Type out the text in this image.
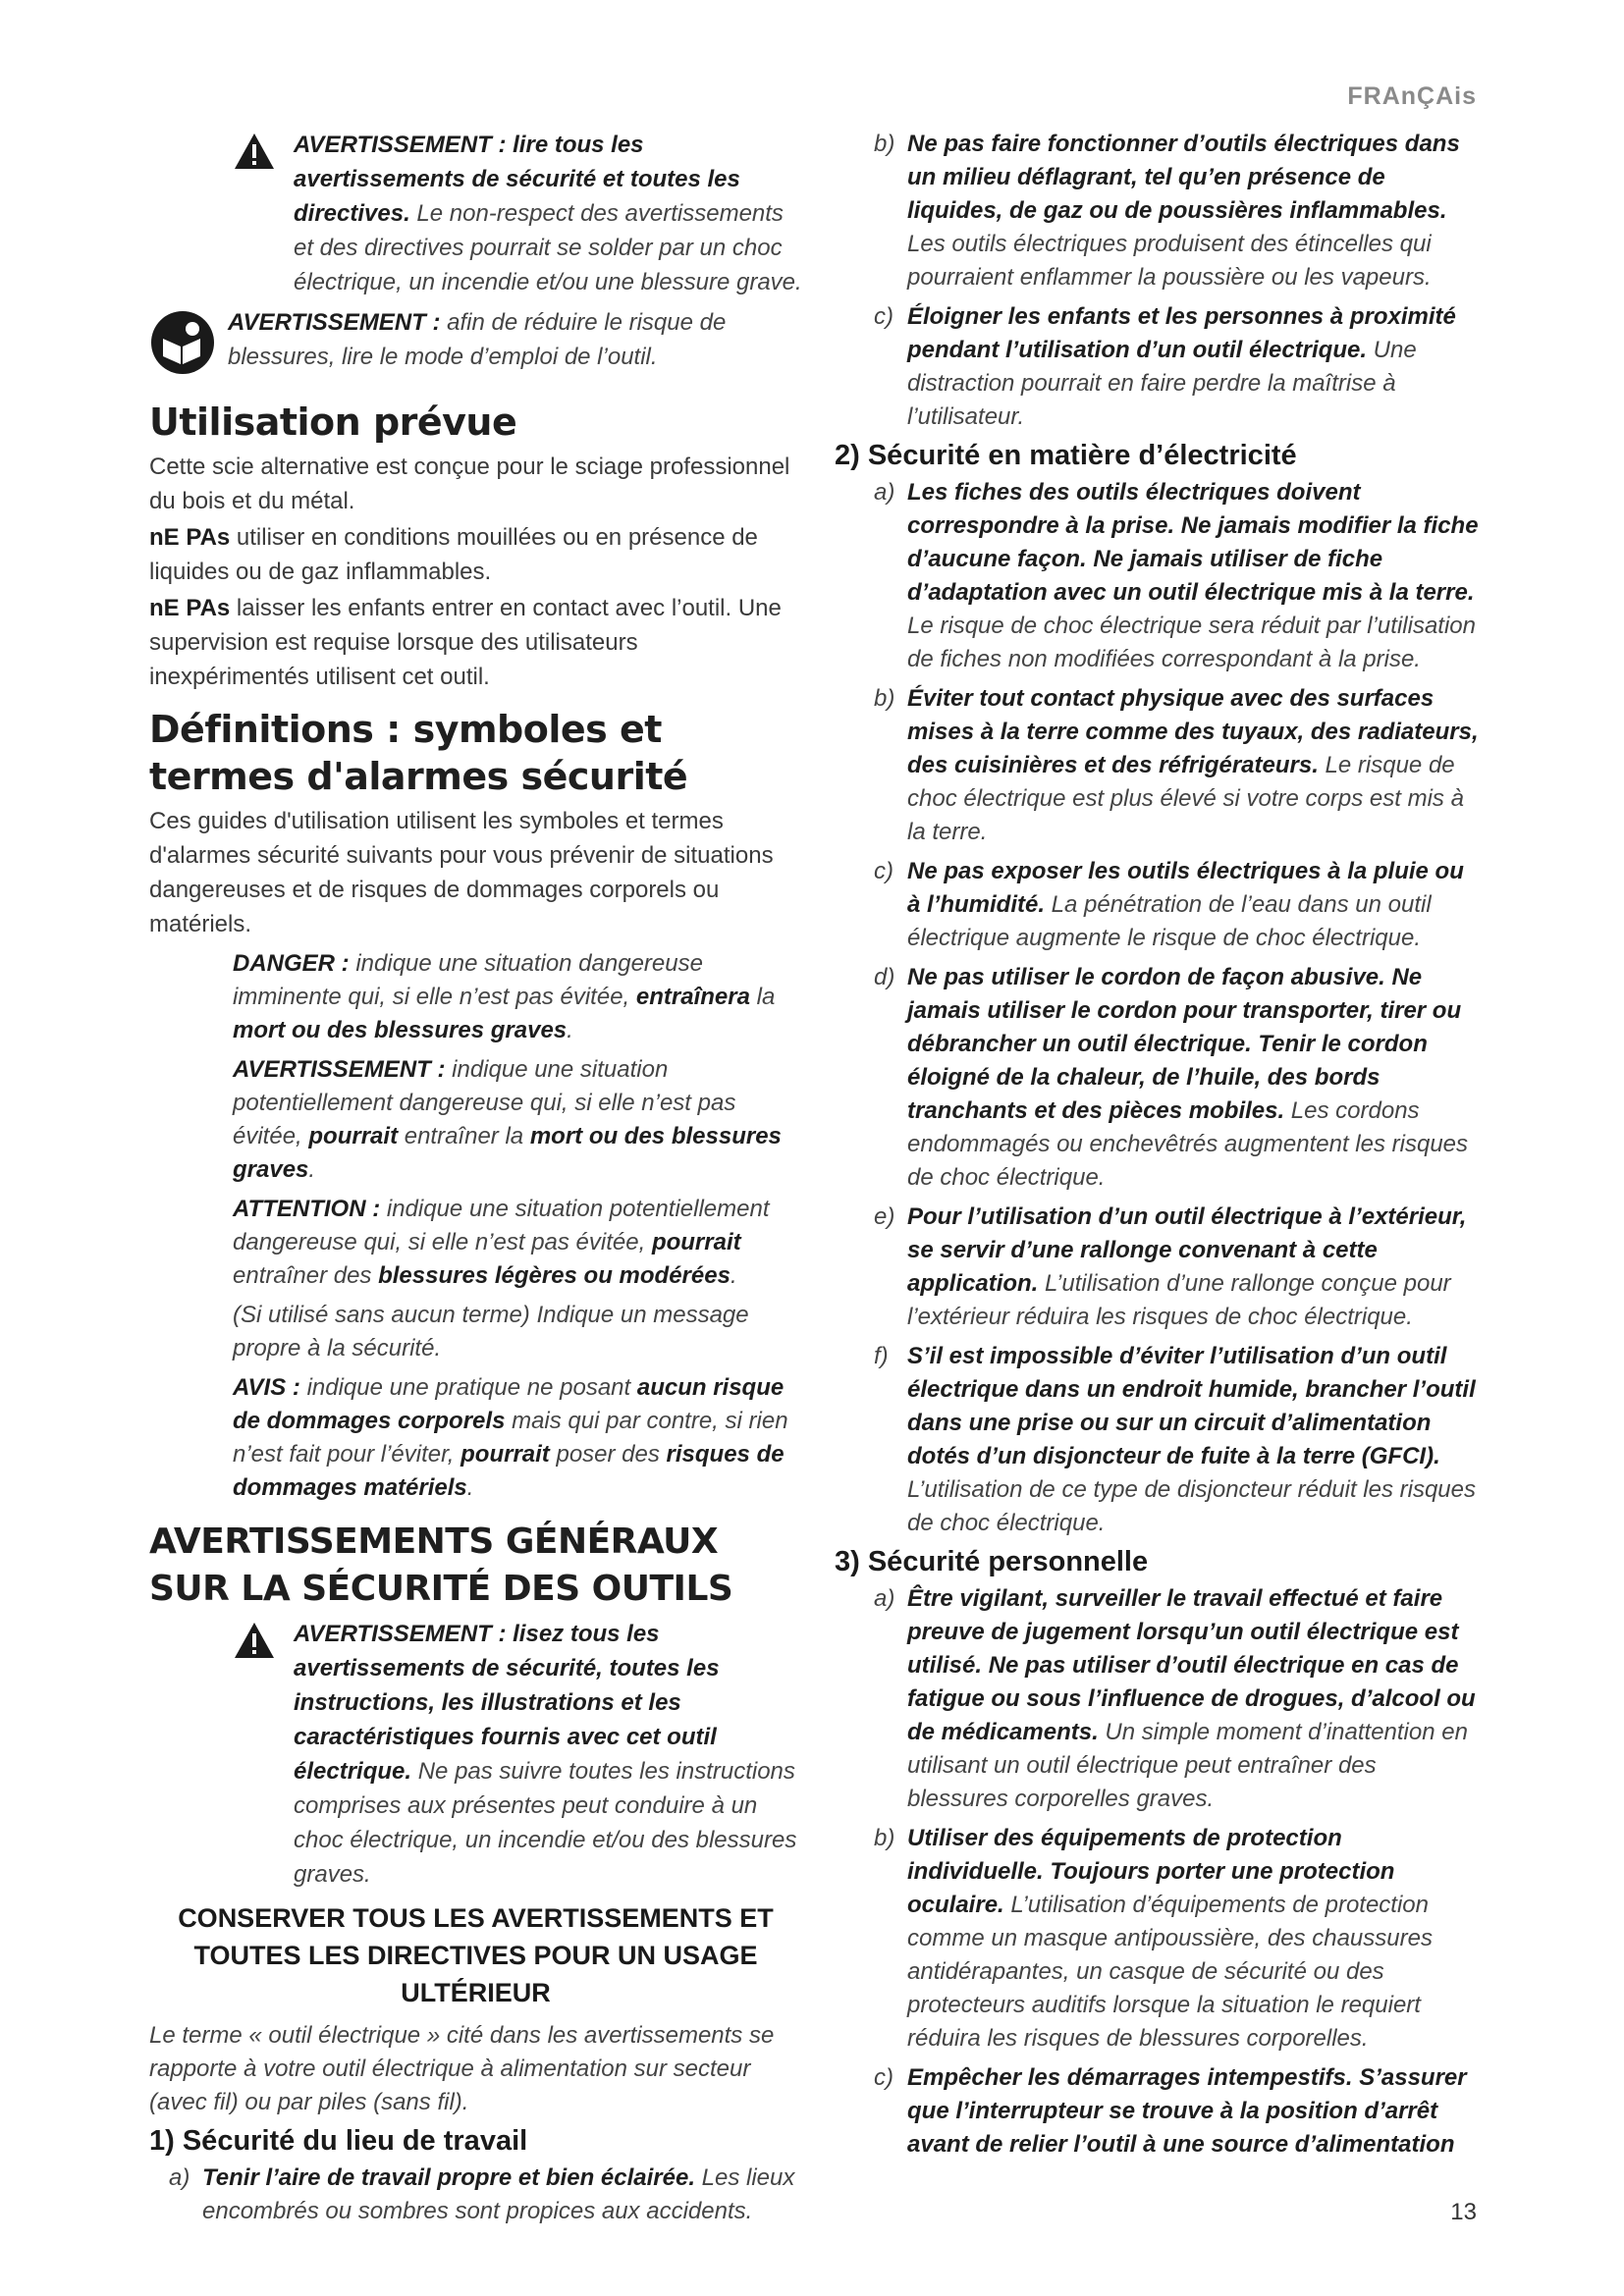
FRAnÇAis
AVERTISSEMENT : lire tous les avertissements de sécurité et toutes les directives. Le non-respect des avertissements et des directives pourrait se solder par un choc électrique, un incendie et/ou une blessure grave.
AVERTISSEMENT : afin de réduire le risque de blessures, lire le mode d’emploi de l’outil.
Utilisation prévue

Cette scie alternative est conçue pour le sciage professionnel du bois et du métal.

nE PAs utiliser en conditions mouillées ou en présence de liquides ou de gaz inflammables.

nE PAs laisser les enfants entrer en contact avec l’outil. Une supervision est requise lorsque des utilisateurs inexpérimentés utilisent cet outil.

Définitions : symboles et termes d'alarmes sécurité

Ces guides d'utilisation utilisent les symboles et termes d'alarmes sécurité suivants pour vous prévenir de situations dangereuses et de risques de dommages corporels ou matériels.

DANGER : indique une situation dangereuse imminente qui, si elle n’est pas évitée, entraînera la mort ou des blessures graves.
AVERTISSEMENT : indique une situation potentiellement dangereuse qui, si elle n’est pas évitée, pourrait entraîner la mort ou des blessures graves.
ATTENTION : indique une situation potentiellement dangereuse qui, si elle n’est pas évitée, pourrait entraîner des blessures légères ou modérées.
(Si utilisé sans aucun terme) Indique un message propre à la sécurité.
AVIS : indique une pratique ne posant aucun risque de dommages corporels mais qui par contre, si rien n’est fait pour l’éviter, pourrait poser des risques de dommages matériels.
AVERTISSEMENTS GÉNÉRAUX SUR LA SÉCURITÉ DES OUTILS
AVERTISSEMENT : lisez tous les avertissements de sécurité, toutes les instructions, les illustrations et les caractéristiques fournis avec cet outil électrique. Ne pas suivre toutes les instructions comprises aux présentes peut conduire à un choc électrique, un incendie et/ou des blessures graves.
CONSERVER TOUS LES AVERTISSEMENTS ET TOUTES LES DIRECTIVES POUR UN USAGE ULTÉRIEUR
Le terme « outil électrique » cité dans les avertissements se rapporte à votre outil électrique à alimentation sur secteur (avec fil) ou par piles (sans fil).
1) Sécurité du lieu de travail
a) Tenir l’aire de travail propre et bien éclairée. Les lieux encombrés ou sombres sont propices aux accidents.
b) Ne pas faire fonctionner d’outils électriques dans un milieu déflagrant, tel qu’en présence de liquides, de gaz ou de poussières inflammables. Les outils électriques produisent des étincelles qui pourraient enflammer la poussière ou les vapeurs.
c) Éloigner les enfants et les personnes à proximité pendant l’utilisation d’un outil électrique. Une distraction pourrait en faire perdre la maîtrise à l’utilisateur.
2) Sécurité en matière d’électricité
a) Les fiches des outils électriques doivent correspondre à la prise. Ne jamais modifier la fiche d’aucune façon. Ne jamais utiliser de fiche d’adaptation avec un outil électrique mis à la terre. Le risque de choc électrique sera réduit par l’utilisation de fiches non modifiées correspondant à la prise.
b) Éviter tout contact physique avec des surfaces mises à la terre comme des tuyaux, des radiateurs, des cuisinières et des réfrigérateurs. Le risque de choc électrique est plus élevé si votre corps est mis à la terre.
c) Ne pas exposer les outils électriques à la pluie ou à l’humidité. La pénétration de l’eau dans un outil électrique augmente le risque de choc électrique.
d) Ne pas utiliser le cordon de façon abusive. Ne jamais utiliser le cordon pour transporter, tirer ou débrancher un outil électrique. Tenir le cordon éloigné de la chaleur, de l’huile, des bords tranchants et des pièces mobiles. Les cordons endommagés ou enchevêtrés augmentent les risques de choc électrique.
e) Pour l’utilisation d’un outil électrique à l’extérieur, se servir d’une rallonge convenant à cette application. L’utilisation d’une rallonge conçue pour l’extérieur réduira les risques de choc électrique.
f) S’il est impossible d’éviter l’utilisation d’un outil électrique dans un endroit humide, brancher l’outil dans une prise ou sur un circuit d’alimentation dotés d’un disjoncteur de fuite à la terre (GFCI). L’utilisation de ce type de disjoncteur réduit les risques de choc électrique.
3) Sécurité personnelle
a) Être vigilant, surveiller le travail effectué et faire preuve de jugement lorsqu’un outil électrique est utilisé. Ne pas utiliser d’outil électrique en cas de fatigue ou sous l’influence de drogues, d’alcool ou de médicaments. Un simple moment d’inattention en utilisant un outil électrique peut entraîner des blessures corporelles graves.
b) Utiliser des équipements de protection individuelle. Toujours porter une protection oculaire. L’utilisation d’équipements de protection comme un masque antipoussière, des chaussures antidérapantes, un casque de sécurité ou des protecteurs auditifs lorsque la situation le requiert réduira les risques de blessures corporelles.
c) Empêcher les démarrages intempestifs. S’assurer que l’interrupteur se trouve à la position d’arrêt avant de relier l’outil à une source d’alimentation
13
